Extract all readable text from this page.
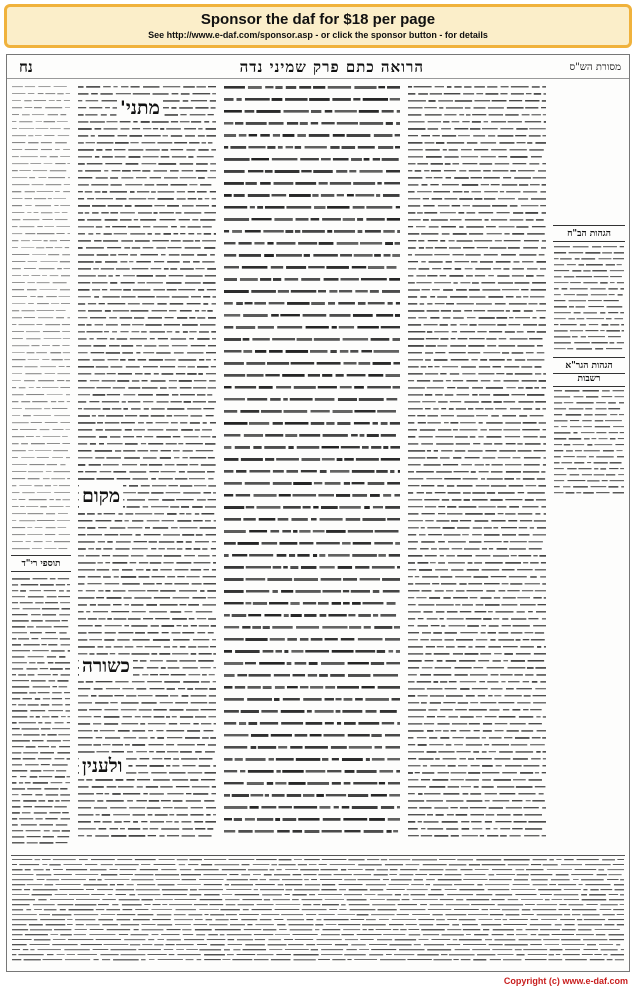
Sponsor the daf for $18 per page
See http://www.e-daf.com/sponsor.asp - or click the sponsor button - for details
מסורת הש"ס
הרואה כתם פרק שמיני נדה
נח
תוספי רי"ד
מתני'
מקום
כשורה
ולענין
הגהות הב"ח
הגהות הגר"א
רשבות
Copyright (c) www.e-daf.com
